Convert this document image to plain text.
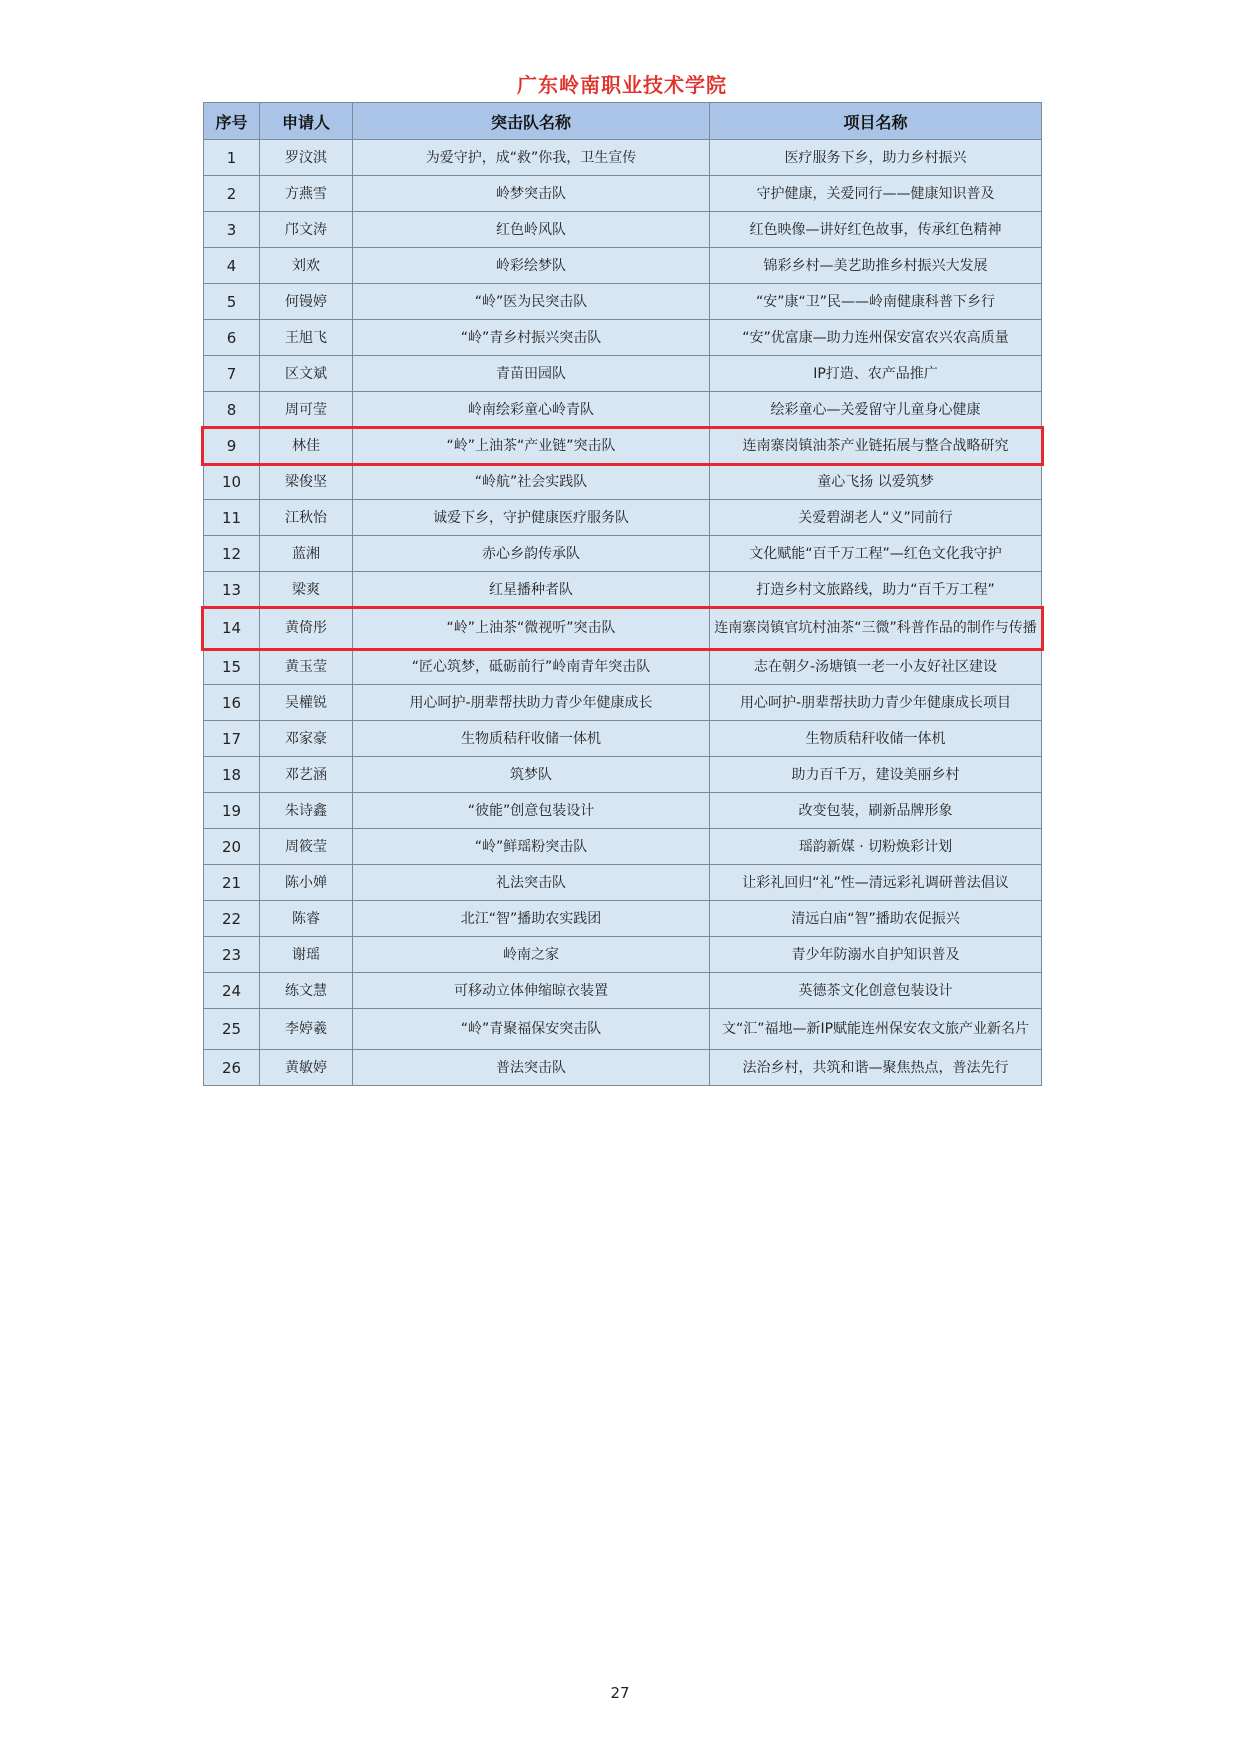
广东岭南职业技术学院
序号	申请人	突击队名称	项目名称
1	罗汶淇	为爱守护，成“救”你我，卫生宣传	医疗服务下乡，助力乡村振兴
2	方燕雪	岭梦突击队	守护健康，关爱同行——健康知识普及
3	邝文涛	红色岭风队	红色映像—讲好红色故事，传承红色精神
4	刘欢	岭彩绘梦队	锦彩乡村—美艺助推乡村振兴大发展
5	何镘婷	“岭”医为民突击队	“安”康“卫”民——岭南健康科普下乡行
6	王旭飞	“岭”青乡村振兴突击队	“安”优富康—助力连州保安富农兴农高质量
7	区文斌	青苗田园队	IP打造、农产品推广
8	周可莹	岭南绘彩童心岭青队	绘彩童心—关爱留守儿童身心健康
9	林佳	“岭”上油茶“产业链”突击队	连南寨岗镇油茶产业链拓展与整合战略研究
10	梁俊坚	“岭航”社会实践队	童心飞扬 以爱筑梦
11	江秋怡	诚爱下乡，守护健康医疗服务队	关爱碧湖老人“义”同前行
12	蓝湘	赤心乡韵传承队	文化赋能“百千万工程”—红色文化我守护
13	梁爽	红星播种者队	打造乡村文旅路线，助力“百千万工程”
14	黄倚彤	“岭”上油茶“微视听”突击队	连南寨岗镇官坑村油茶“三微”科普作品的制作与传播
15	黄玉莹	“匠心筑梦，砥砺前行”岭南青年突击队	志在朝夕-汤塘镇一老一小友好社区建设
16	吴權锐	用心呵护-朋辈帮扶助力青少年健康成长	用心呵护-朋辈帮扶助力青少年健康成长项目
17	邓家豪	生物质秸秆收储一体机	生物质秸秆收储一体机
18	邓艺涵	筑梦队	助力百千万，建设美丽乡村
19	朱诗鑫	“彼能”创意包装设计	改变包装，刷新品牌形象
20	周筱莹	“岭”鲜瑶粉突击队	瑶韵新媒 · 切粉焕彩计划
21	陈小婵	礼法突击队	让彩礼回归“礼”性—清远彩礼调研普法倡议
22	陈睿	北江“智”播助农实践团	清远白庙“智”播助农促振兴
23	谢瑶	岭南之家	青少年防溺水自护知识普及
24	练文慧	可移动立体伸缩晾衣装置	英德茶文化创意包装设计
25	李婷羲	“岭”青聚福保安突击队	文“汇”福地—新IP赋能连州保安农文旅产业新名片
26	黄敏婷	普法突击队	法治乡村，共筑和谐—聚焦热点，普法先行
27
